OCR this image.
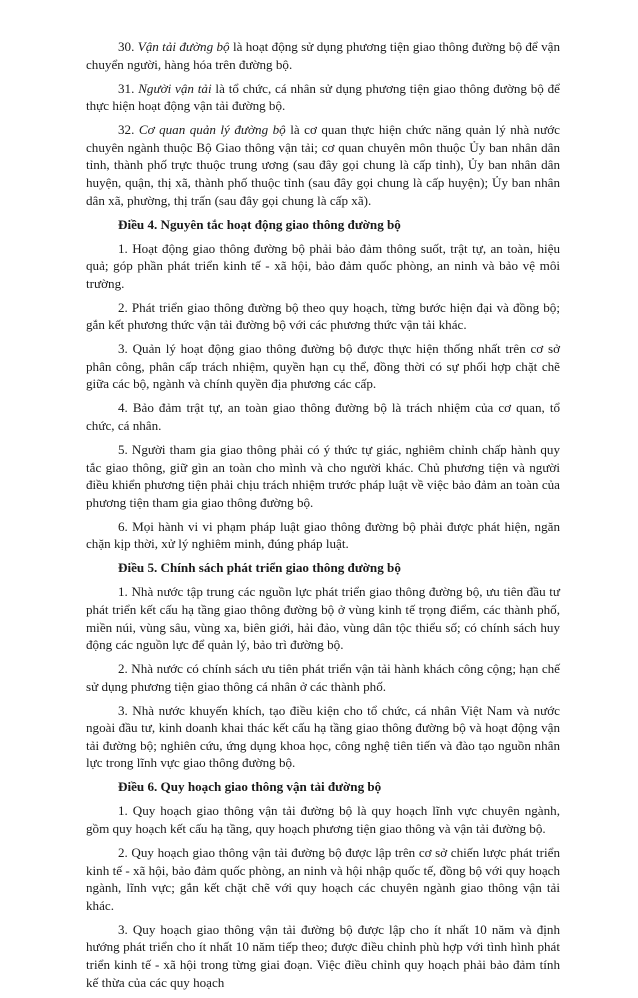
30. Vận tải đường bộ là hoạt động sử dụng phương tiện giao thông đường bộ để vận chuyển người, hàng hóa trên đường bộ.

31. Người vận tải là tổ chức, cá nhân sử dụng phương tiện giao thông đường bộ để thực hiện hoạt động vận tải đường bộ.

32. Cơ quan quản lý đường bộ là cơ quan thực hiện chức năng quản lý nhà nước chuyên ngành thuộc Bộ Giao thông vận tải; cơ quan chuyên môn thuộc Ủy ban nhân dân tỉnh, thành phố trực thuộc trung ương (sau đây gọi chung là cấp tỉnh), Ủy ban nhân dân huyện, quận, thị xã, thành phố thuộc tỉnh (sau đây gọi chung là cấp huyện); Ủy ban nhân dân xã, phường, thị trấn (sau đây gọi chung là cấp xã).

Điều 4. Nguyên tắc hoạt động giao thông đường bộ

1. Hoạt động giao thông đường bộ phải bảo đảm thông suốt, trật tự, an toàn, hiệu quả; góp phần phát triển kinh tế - xã hội, bảo đảm quốc phòng, an ninh và bảo vệ môi trường.

2. Phát triển giao thông đường bộ theo quy hoạch, từng bước hiện đại và đồng bộ; gắn kết phương thức vận tải đường bộ với các phương thức vận tải khác.

3. Quản lý hoạt động giao thông đường bộ được thực hiện thống nhất trên cơ sở phân công, phân cấp trách nhiệm, quyền hạn cụ thể, đồng thời có sự phối hợp chặt chẽ giữa các bộ, ngành và chính quyền địa phương các cấp.

4. Bảo đảm trật tự, an toàn giao thông đường bộ là trách nhiệm của cơ quan, tổ chức, cá nhân.

5. Người tham gia giao thông phải có ý thức tự giác, nghiêm chỉnh chấp hành quy tắc giao thông, giữ gìn an toàn cho mình và cho người khác. Chủ phương tiện và người điều khiển phương tiện phải chịu trách nhiệm trước pháp luật về việc bảo đảm an toàn của phương tiện tham gia giao thông đường bộ.

6. Mọi hành vi vi phạm pháp luật giao thông đường bộ phải được phát hiện, ngăn chặn kịp thời, xử lý nghiêm minh, đúng pháp luật.

Điều 5. Chính sách phát triển giao thông đường bộ

1. Nhà nước tập trung các nguồn lực phát triển giao thông đường bộ, ưu tiên đầu tư phát triển kết cấu hạ tầng giao thông đường bộ ở vùng kinh tế trọng điểm, các thành phố, miền núi, vùng sâu, vùng xa, biên giới, hải đảo, vùng dân tộc thiểu số; có chính sách huy động các nguồn lực để quản lý, bảo trì đường bộ.

2. Nhà nước có chính sách ưu tiên phát triển vận tải hành khách công cộng; hạn chế sử dụng phương tiện giao thông cá nhân ở các thành phố.

3. Nhà nước khuyến khích, tạo điều kiện cho tổ chức, cá nhân Việt Nam và nước ngoài đầu tư, kinh doanh khai thác kết cấu hạ tầng giao thông đường bộ và hoạt động vận tải đường bộ; nghiên cứu, ứng dụng khoa học, công nghệ tiên tiến và đào tạo nguồn nhân lực trong lĩnh vực giao thông đường bộ.

Điều 6. Quy hoạch giao thông vận tải đường bộ

1. Quy hoạch giao thông vận tải đường bộ là quy hoạch lĩnh vực chuyên ngành, gồm quy hoạch kết cấu hạ tầng, quy hoạch phương tiện giao thông và vận tải đường bộ.

2. Quy hoạch giao thông vận tải đường bộ được lập trên cơ sở chiến lược phát triển kinh tế - xã hội, bảo đảm quốc phòng, an ninh và hội nhập quốc tế, đồng bộ với quy hoạch ngành, lĩnh vực; gắn kết chặt chẽ với quy hoạch các chuyên ngành giao thông vận tải khác.

3. Quy hoạch giao thông vận tải đường bộ được lập cho ít nhất 10 năm và định hướng phát triển cho ít nhất 10 năm tiếp theo; được điều chỉnh phù hợp với tình hình phát triển kinh tế - xã hội trong từng giai đoạn. Việc điều chỉnh quy hoạch phải bảo đảm tính kế thừa của các quy hoạch
